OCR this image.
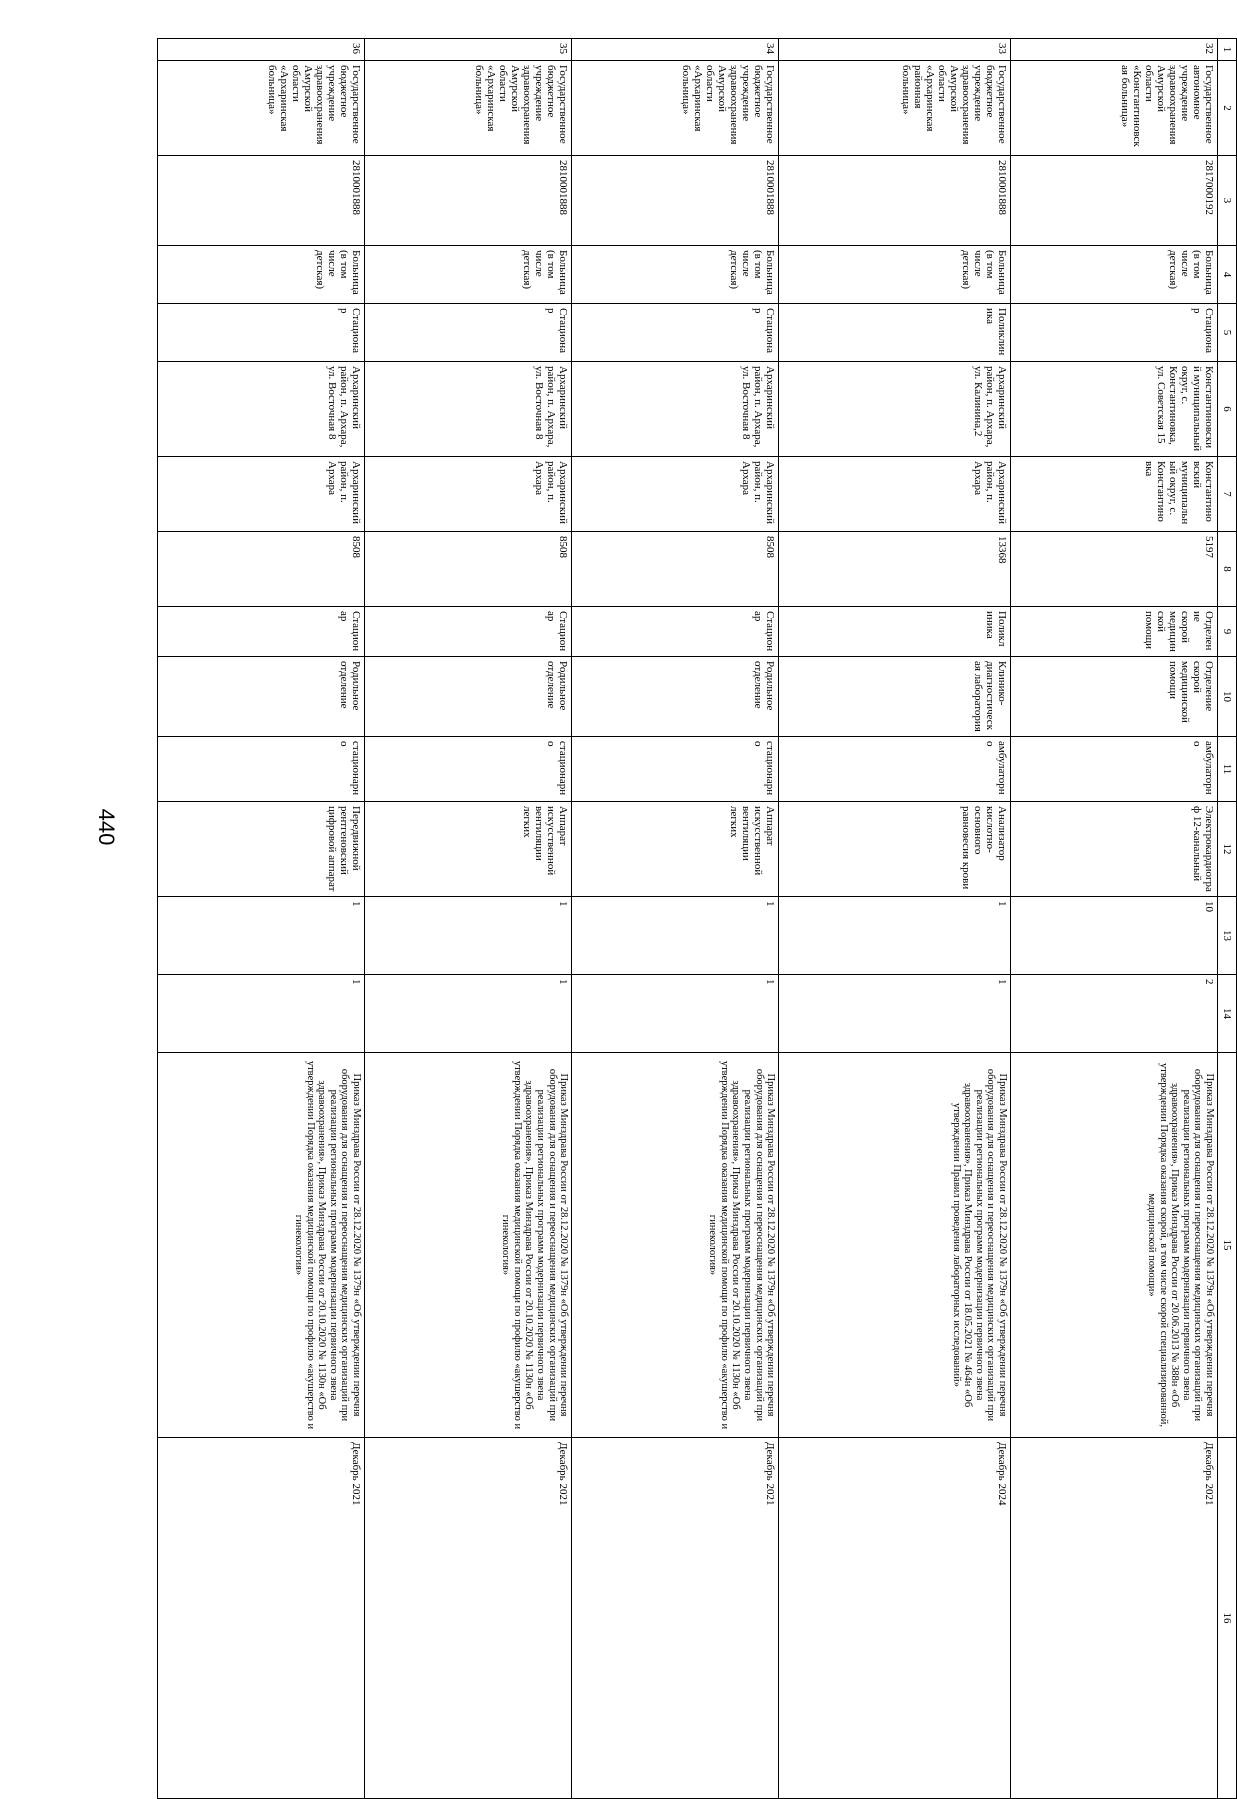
440
1	2	3	4	5	6	7	8	9	10	11	12	13	14	15	16
32	Государственное автономное учреждение здравоохранения Амурской области «Константиновская больница»	2817000192	Больница (в том числе детская)	Стационар	Константиновский муниципальный округ, с. Константиновка, ул. Советская 15	Константиновский муниципальный округ, с. Константиновка	5197	Отделение скорой медицинской помощи	Отделение скорой медицинской помощи	амбулаторно	Электрокардиограф 12-канальный	10	2	Приказ Минздрава России от 28.12.2020 № 1379н «Об утверждении перечня оборудования для оснащения и переоснащения медицинских организаций при реализации региональных программ модернизации первичного звена здравоохранения», Приказ Минздрава России от 20.06.2013 № 388н «Об утверждении Порядка оказания скорой, в том числе скорой специализированной, медицинской помощи»	Декабрь 2021
33	Государственное бюджетное учреждение здравоохранения Амурской области «Архаринская районная больница»	2810001888	Больница (в том числе детская)	Поликлиника	Архаринский район, п. Архара, ул. Калинина,2	Архаринский район, п. Архара	13368	Поликлиника	Клинико-диагностическая лаборатория	амбулаторно	Анализатор кислотно-основного равновесия крови	1	1	Приказ Минздрава России от 28.12.2020 № 1379н «Об утверждении перечня оборудования для оснащения и переоснащения медицинских организаций при реализации региональных программ модернизации первичного звена здравоохранения», Приказ Минздрава России от 18.05.2021 № 464н «Об утверждении Правил проведения лабораторных исследований»	Декабрь 2024
34	Государственное бюджетное учреждение здравоохранения Амурской области «Архаринская больница»	2810001888	Больница (в том числе детская)	Стационар	Архаринский район, п. Архара, ул. Восточная 8	Архаринский район, п. Архара	8508	Стационар	Родильное отделение	стационарно	Аппарат искусственной вентиляции легких	1	1	Приказ Минздрава России от 28.12.2020 № 1379н «Об утверждении перечня оборудования для оснащения и переоснащения медицинских организаций при реализации региональных программ модернизации первичного звена здравоохранения», Приказ Минздрава России от 20.10.2020 № 1130н «Об утверждении Порядка оказания медицинской помощи по профилю «акушерство и гинекология»	Декабрь 2021
35	Государственное бюджетное учреждение здравоохранения Амурской области «Архаринская больница»	2810001888	Больница (в том числе детская)	Стационар	Архаринский район, п. Архара, ул. Восточная 8	Архаринский район, п. Архара	8508	Стационар	Родильное отделение	стационарно	Аппарат искусственной вентиляции легких	1	1	Приказ Минздрава России от 28.12.2020 № 1379н «Об утверждении перечня оборудования для оснащения и переоснащения медицинских организаций при реализации региональных программ модернизации первичного звена здравоохранения», Приказ Минздрава России от 20.10.2020 № 1130н «Об утверждении Порядка оказания медицинской помощи по профилю «акушерство и гинекология»	Декабрь 2021
36	Государственное бюджетное учреждение здравоохранения Амурской области «Архаринская больница»	2810001888	Больница (в том числе детская)	Стационар	Архаринский район, п. Архара, ул. Восточная 8	Архаринский район, п. Архара	8508	Стационар	Родильное отделение	стационарно	Передвижной рентгеновский цифровой аппарат	1	1	Приказ Минздрава России от 28.12.2020 № 1379н «Об утверждении перечня оборудования для оснащения и переоснащения медицинских организаций при реализации региональных программ модернизации первичного звена здравоохранения», Приказ Минздрава России от 20.10.2020 № 1130н «Об утверждении Порядка оказания медицинской помощи по профилю «акушерство и гинекология»	Декабрь 2021
